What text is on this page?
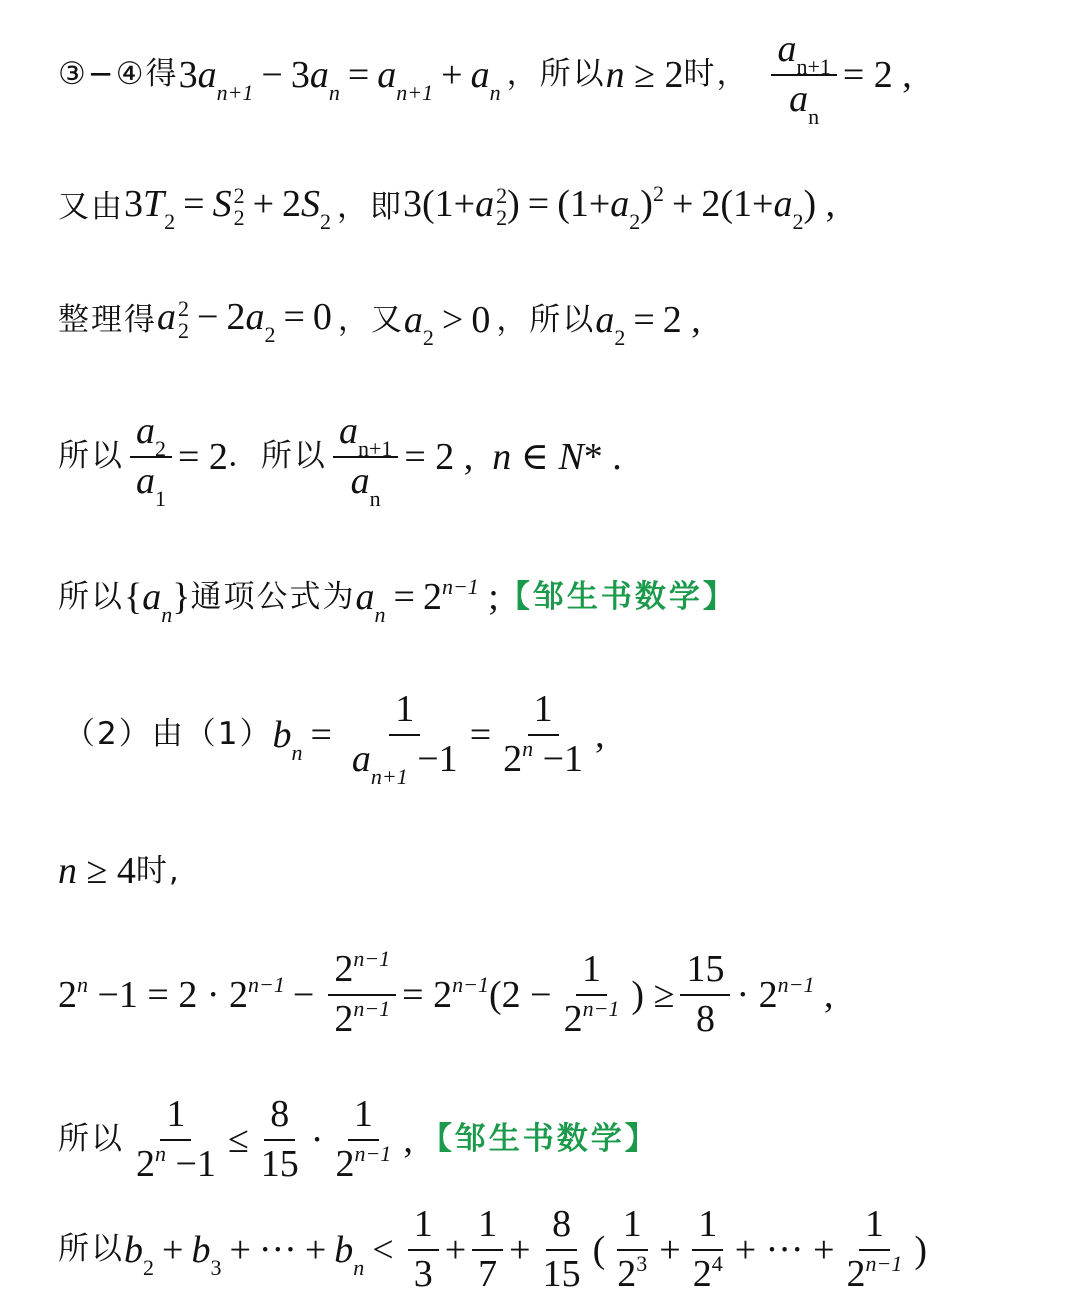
③−④得 $3a_{n+1} - 3a_n = a_{n+1} + a_n$ ，所以 n ≥ 2 时， $\frac{\text{a n+1}}{\text{a n}} = 2$ ,
又由 $3T_2 = S$ 2
$2 + 2S_2$ ，即 3(1+a 2
2 ) = $(1+a_2)^2 + 2(1+a_2)$ ,
整理得 a 2
$2 - 2a_2 = 0$ ，又 $a_2 > 0$ ，所以 $a_2 = 2$ ,
所以 $\frac{a 2}{a 1} = 2$ ．所以 $\frac{\text{a n+1}}{\text{a n}} = 2$ ,  n ∈ N* .
所以 $\{a_n\}$ 通项公式为 $a_n = 2^{n-1}$ ; 【邹生书数学】
（2）由（1） $b_n = \frac{1}{\text{a n+1 −1}} = \frac{1}{2 n -1}$ ,
n ≥ 4 时,
$2^n -1 = 2 \cdot 2^{n-1} - \frac{2 n-1}{2 n-1} = 2^{n-1}(2 - \frac{1}{2 n-1}$ ) ≥ $\frac{15}{8} \cdot 2^{n-1}$ ,
所以 $\frac{1}{2 n -1} \le \frac{8}{15} \cdot \frac{1}{2 n-1}$ , 【邹生书数学】
所以 $b_2 + b_3$ + ··· + $b_n < \frac{1}{3} + \frac{1}{7} + \frac{8}{15}$ ( $\frac{1}{2 3} + \frac{1}{2 4}$ + ··· + $\frac{1}{2 n-1}$ )
